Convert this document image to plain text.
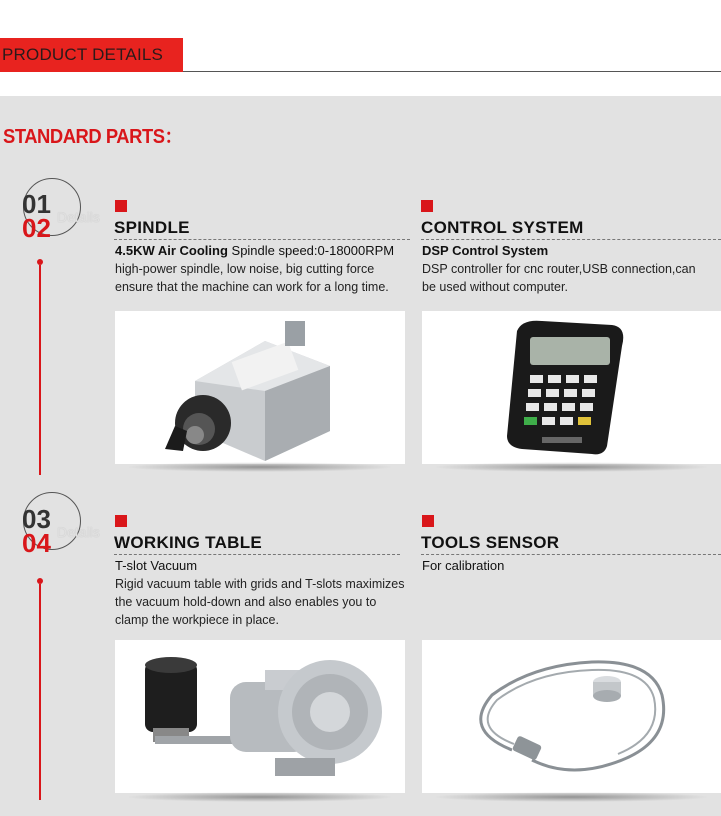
PRODUCT DETAILS
STANDARD PARTS：
01
02 Details
03
04 Details
SPINDLE
4.5KW Air Cooling Spindle speed:0-18000RPM
high-power spindle, low noise, big cutting force
ensure that the machine can work for a long time.
CONTROL SYSTEM
DSP Control System
DSP controller for cnc router,USB connection,can
be used without computer.
WORKING TABLE
T-slot Vacuum
Rigid vacuum table with grids and T-slots maximizes
the vacuum hold-down and also enables you to
clamp the workpiece in place.
TOOLS SENSOR
For calibration
